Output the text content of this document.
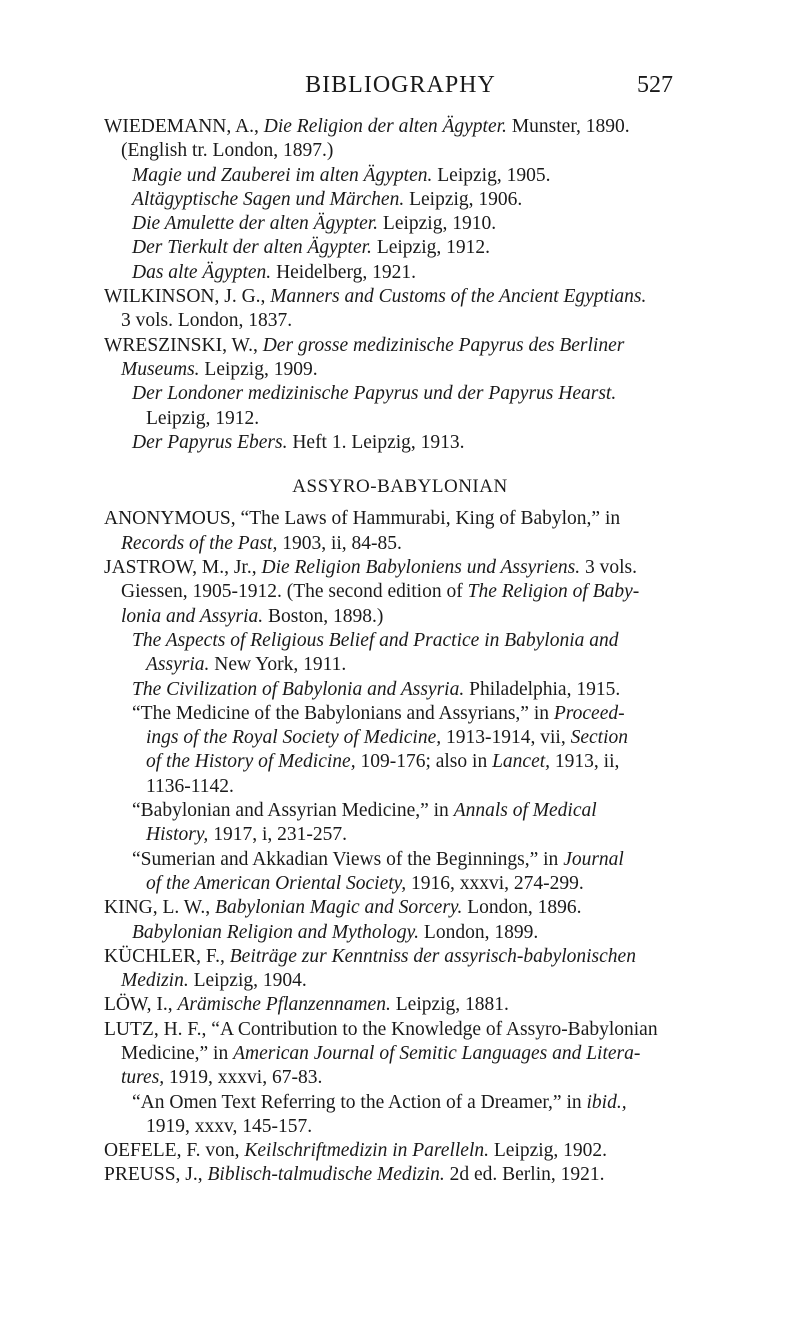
BIBLIOGRAPHY	527
WIEDEMANN, A., Die Religion der alten Ägypter. Munster, 1890.
(English tr. London, 1897.)
Magie und Zauberei im alten Ägypten. Leipzig, 1905.
Altägyptische Sagen und Märchen. Leipzig, 1906.
Die Amulette der alten Ägypter. Leipzig, 1910.
Der Tierkult der alten Ägypter. Leipzig, 1912.
Das alte Ägypten. Heidelberg, 1921.
WILKINSON, J. G., Manners and Customs of the Ancient Egyptians.
3 vols. London, 1837.
WRESZINSKI, W., Der grosse medizinische Papyrus des Berliner
Museums. Leipzig, 1909.
Der Londoner medizinische Papyrus und der Papyrus Hearst.
Leipzig, 1912.
Der Papyrus Ebers. Heft 1. Leipzig, 1913.
ASSYRO-BABYLONIAN
ANONYMOUS, “The Laws of Hammurabi, King of Babylon,” in
Records of the Past, 1903, ii, 84-85.
JASTROW, M., Jr., Die Religion Babyloniens und Assyriens. 3 vols.
Giessen, 1905-1912. (The second edition of The Religion of Baby-
lonia and Assyria. Boston, 1898.)
The Aspects of Religious Belief and Practice in Babylonia and
Assyria. New York, 1911.
The Civilization of Babylonia and Assyria. Philadelphia, 1915.
“The Medicine of the Babylonians and Assyrians,” in Proceed-
ings of the Royal Society of Medicine, 1913-1914, vii, Section
of the History of Medicine, 109-176; also in Lancet, 1913, ii,
1136-1142.
“Babylonian and Assyrian Medicine,” in Annals of Medical
History, 1917, i, 231-257.
“Sumerian and Akkadian Views of the Beginnings,” in Journal
of the American Oriental Society, 1916, xxxvi, 274-299.
KING, L. W., Babylonian Magic and Sorcery. London, 1896.
Babylonian Religion and Mythology. London, 1899.
KÜCHLER, F., Beiträge zur Kenntniss der assyrisch-babylonischen
Medizin. Leipzig, 1904.
LÖW, I., Arämische Pflanzennamen. Leipzig, 1881.
LUTZ, H. F., “A Contribution to the Knowledge of Assyro-Babylonian
Medicine,” in American Journal of Semitic Languages and Litera-
tures, 1919, xxxvi, 67-83.
“An Omen Text Referring to the Action of a Dreamer,” in ibid.,
1919, xxxv, 145-157.
OEFELE, F. von, Keilschriftmedizin in Parelleln. Leipzig, 1902.
PREUSS, J., Biblisch-talmudische Medizin. 2d ed. Berlin, 1921.
